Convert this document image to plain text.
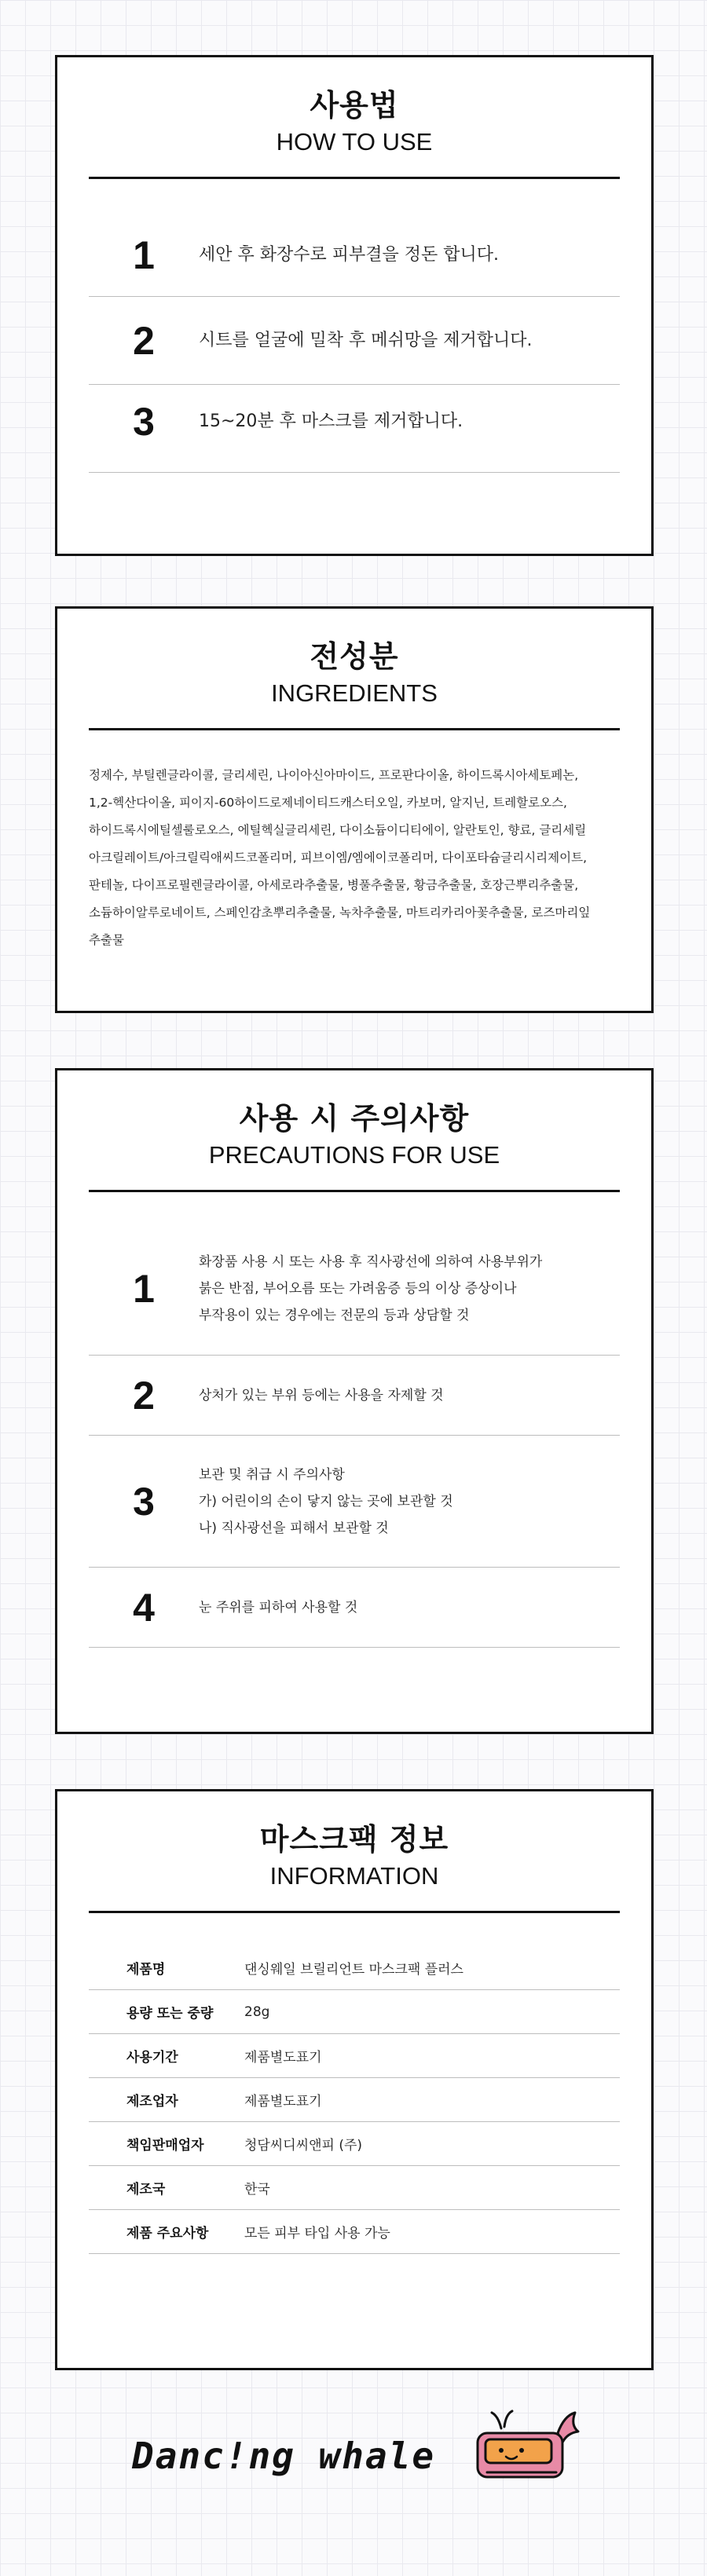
사용법
HOW TO USE
1	세안 후 화장수로 피부결을 정돈 합니다.
2	시트를 얼굴에 밀착 후 메쉬망을 제거합니다.
3	15~20분 후 마스크를 제거합니다.
전성분
INGREDIENTS
정제수, 부틸렌글라이콜, 글리세린, 나이아신아마이드, 프로판다이올, 하이드록시아세토페논,
1,2-헥산다이올, 피이지-60하이드로제네이티드캐스터오일, 카보머, 알지닌, 트레할로오스,
하이드록시에틸셀룰로오스, 에틸헥실글리세린, 다이소듐이디티에이, 알란토인, 향료, 글리세릴
아크릴레이트/아크릴릭애씨드코폴리머, 피브이엠/엠에이코폴리머, 다이포타슘글리시리제이트,
판테놀, 다이프로필렌글라이콜, 아세로라추출물, 병풀추출물, 황금추출물, 호장근뿌리추출물,
소듐하이알루로네이트, 스페인감초뿌리추출물, 녹차추출물, 마트리카리아꽃추출물, 로즈마리잎
추출물
사용 시 주의사항
PRECAUTIONS FOR USE
1
화장품 사용 시 또는 사용 후 직사광선에 의하여 사용부위가
붉은 반점, 부어오름 또는 가려움증 등의 이상 증상이나
부작용이 있는 경우에는 전문의 등과 상담할 것
2	상처가 있는 부위 등에는 사용을 자제할 것
3
보관 및 취급 시 주의사항
가) 어린이의 손이 닿지 않는 곳에 보관할 것
나) 직사광선을 피해서 보관할 것
4	눈 주위를 피하여 사용할 것
마스크팩 정보
INFORMATION
제품명	댄싱웨일 브릴리언트 마스크팩 플러스
용량 또는 중량	28g
사용기간	제품별도표기
제조업자	제품별도표기
책임판매업자	청담씨디씨앤피 (주)
제조국	한국
제품 주요사항	모든 피부 타입 사용 가능
Danc!ng whale
